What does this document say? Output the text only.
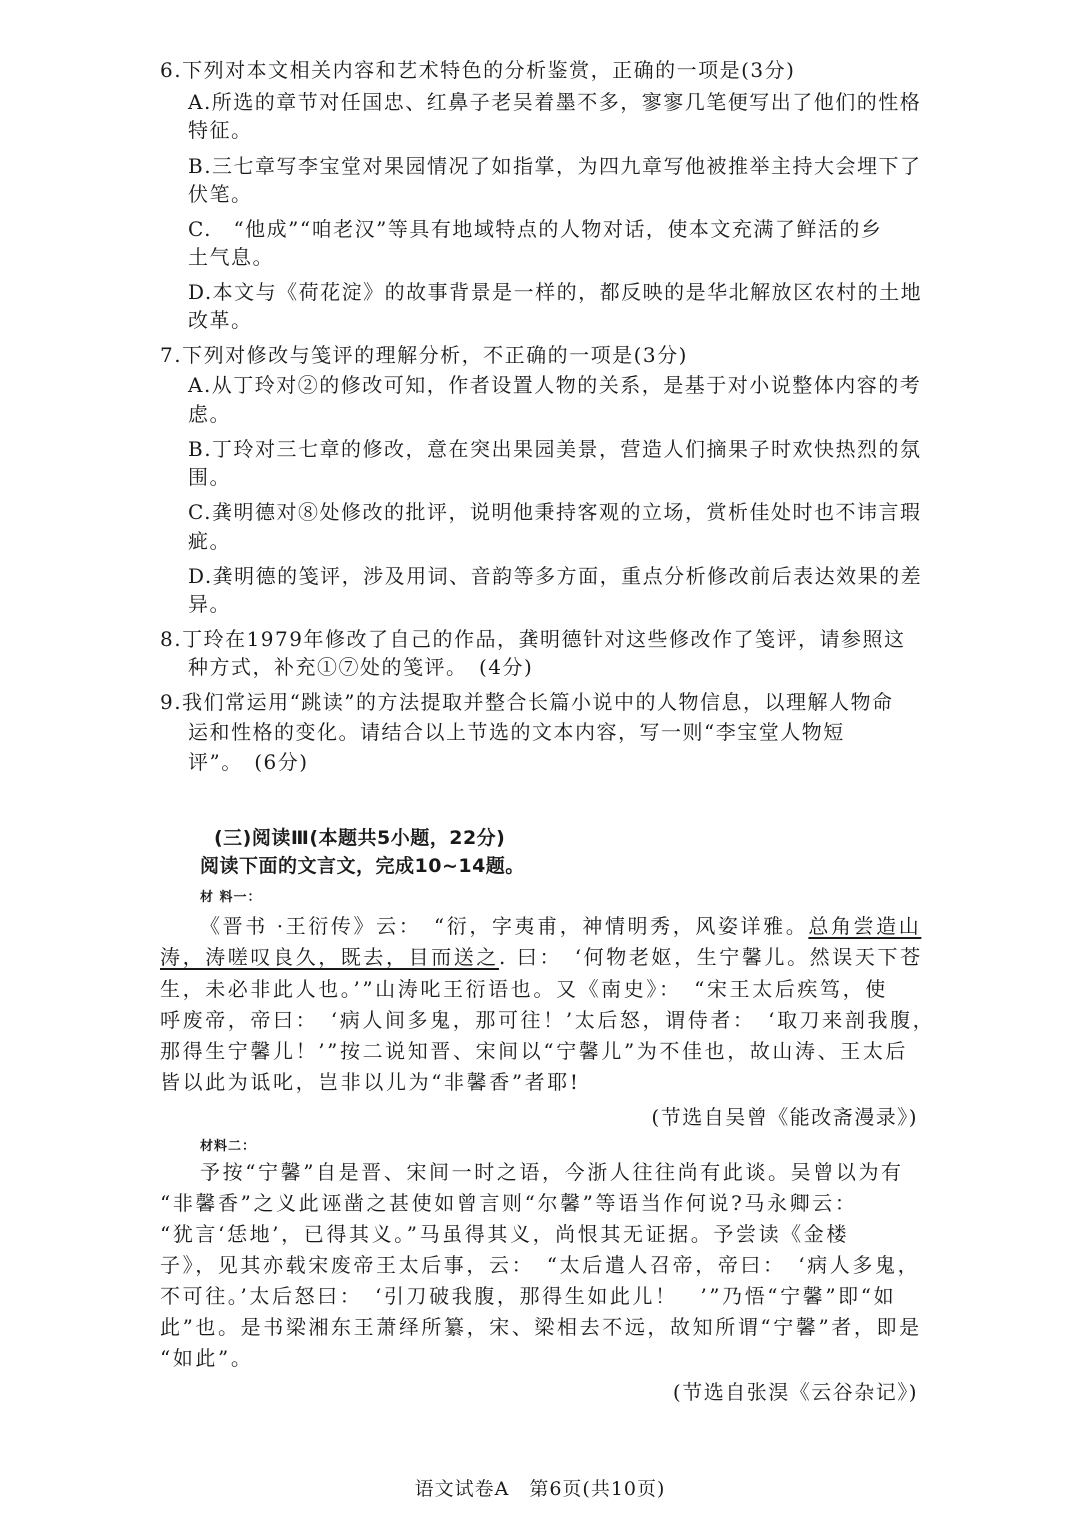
6.下列对本文相关内容和艺术特色的分析鉴赏，正确的一项是(3分)
A.所选的章节对任国忠、红鼻子老吴着墨不多，寥寥几笔便写出了他们的性格
特征。
B.三七章写李宝堂对果园情况了如指掌，为四九章写他被推举主持大会埋下了
伏笔。
C.　“他成”“咱老汉”等具有地域特点的人物对话，使本文充满了鲜活的乡
土气息。
D.本文与《荷花淀》的故事背景是一样的，都反映的是华北解放区农村的土地
改革。
7.下列对修改与笺评的理解分析，不正确的一项是(3分)
A.从丁玲对②的修改可知，作者设置人物的关系，是基于对小说整体内容的考
虑。
B.丁玲对三七章的修改，意在突出果园美景，营造人们摘果子时欢快热烈的氛
围。
C.龚明德对⑧处修改的批评，说明他秉持客观的立场，赏析佳处时也不讳言瑕
疵。
D.龚明德的笺评，涉及用词、音韵等多方面，重点分析修改前后表达效果的差
异。
8.丁玲在1979年修改了自己的作品，龚明德针对这些修改作了笺评，请参照这
种方式，补充①⑦处的笺评。　(4分)
9.我们常运用“跳读”的方法提取并整合长篇小说中的人物信息，以理解人物命
运和性格的变化。请结合以上节选的文本内容，写一则“李宝堂人物短
评”。　(6分)
(三)阅读Ⅲ(本题共5小题，22分)
阅读下面的文言文，完成10~14题。
材 料一：
《晋书 ·王衍传》云：　“衍，字夷甫，神情明秀，风姿详雅。总角尝造山
涛，涛嗟叹良久，既去，目而送之. 曰：　‘何物老妪，生宁馨儿。然误天下苍
生，未必非此人也。’”山涛叱王衍语也。又《南史》：　“宋王太后疾笃，使
呼废帝，帝曰：　‘病人间多鬼，那可往！’太后怒，谓侍者：　‘取刀来剖我腹，
那得生宁馨儿！’”按二说知晋、宋间以“宁馨儿”为不佳也，故山涛、王太后
皆以此为诋叱，岂非以儿为“非馨香”者耶!
(节选自吴曾《能改斋漫录》)
材料二：
予按“宁馨”自是晋、宋间一时之语，今浙人往往尚有此谈。吴曾以为有
“非馨香”之义此诬凿之甚使如曾言则“尔馨”等语当作何说?马永卿云：
“犹言‘恁地’，已得其义。”马虽得其义，尚恨其无证据。予尝读《金楼
子》，见其亦载宋废帝王太后事，云：　“太后遣人召帝，帝曰：　‘病人多鬼，
不可往。’太后怒曰：　‘引刀破我腹，那得生如此儿！　’”乃悟“宁馨”即“如
此”也。是书梁湘东王萧绎所纂，宋、梁相去不远，故知所谓“宁馨”者，即是
“如此”。
(节选自张淏《云谷杂记》)
语文试卷A　第6页(共10页)
